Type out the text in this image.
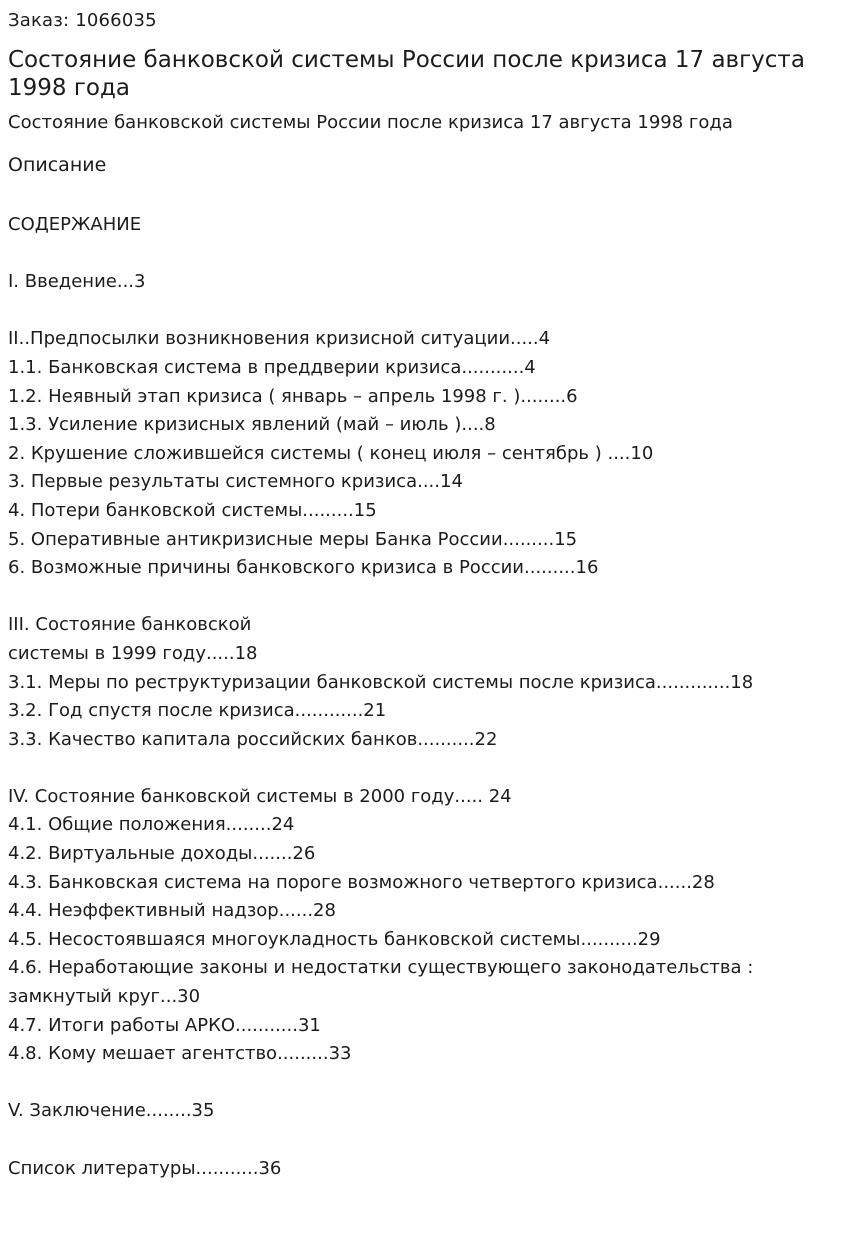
Заказ: 1066035

Состояние банковской системы России после кризиса 17 августа 1998 года

Состояние банковской системы России после кризиса 17 августа 1998 года

Описание

СОДЕРЖАНИЕ
I. Введение...3
II..Предпосылки возникновения кризисной ситуации.....4
1.1. Банковская система в преддверии кризиса...........4
1.2. Неявный этап кризиса ( январь – апрель 1998 г. )........6
1.3. Усиление кризисных явлений (май – июль )....8
2. Крушение сложившейся системы ( конец июля – сентябрь ) ....10
3. Первые результаты системного кризиса....14
4. Потери банковской системы.........15
5. Оперативные антикризисные меры Банка России.........15
6. Возможные причины банковского кризиса в России.........16
III. Состояние банковской
системы в 1999 году.....18
3.1. Меры по реструктуризации банковской системы после кризиса.............18
3.2. Год спустя после кризиса............21
3.3. Качество капитала российских банков..........22
IV. Состояние банковской системы в 2000 году..... 24
4.1. Общие положения........24
4.2. Виртуальные доходы.......26
4.3. Банковская система на пороге возможного четвертого кризиса......28
4.4. Неэффективный надзор......28
4.5. Несостоявшаяся многоукладность банковской системы..........29
4.6. Неработающие законы и недостатки существующего законодательства :
замкнутый круг...30
4.7. Итоги работы АРКО...........31
4.8. Кому мешает агентство.........33
V. Заключение........35
Список литературы...........36
